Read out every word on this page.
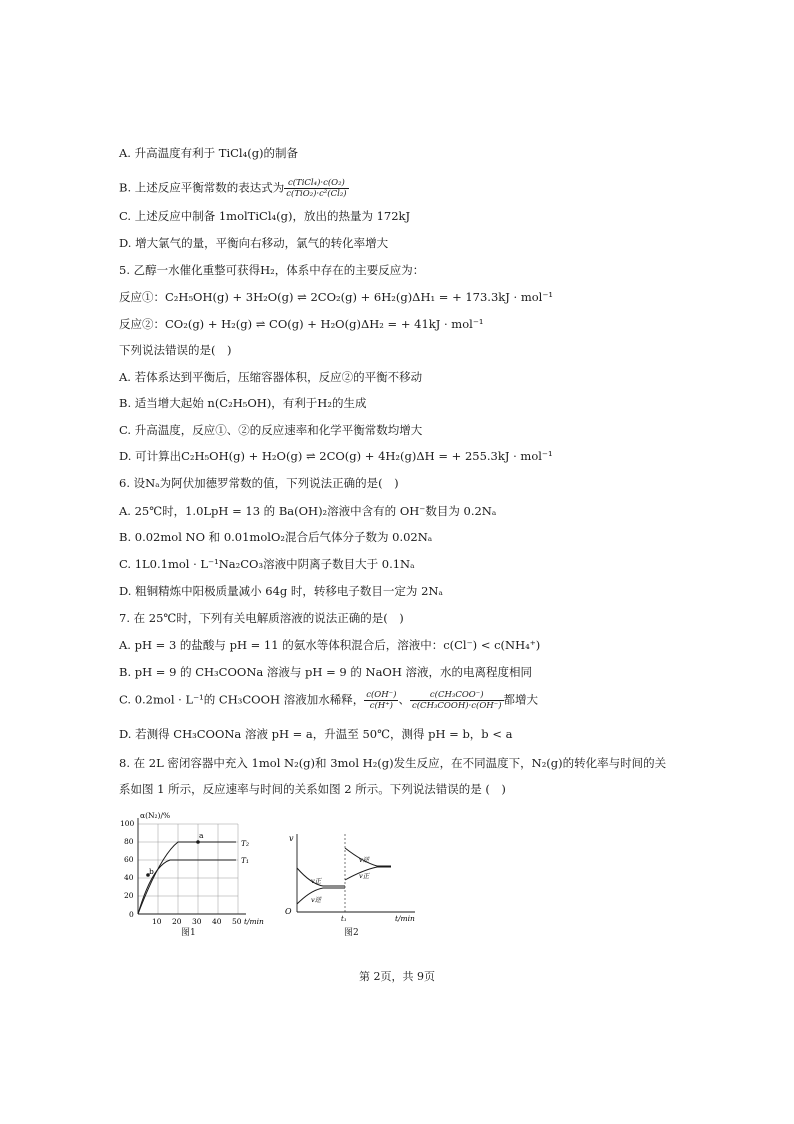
A. 升高温度有利于 TiCl₄(g)的制备
B. 上述反应平衡常数的表达式为 $\frac{\text{c(TiCl₄)·c(O₂)}}{\text{c(TiO₂)·c²(Cl₂)}}$
C. 上述反应中制备 1molTiCl₄(g)，放出的热量为 172kJ
D. 增大氯气的量，平衡向右移动，氯气的转化率增大
5. 乙醇一水催化重整可获得H₂，体系中存在的主要反应为：
反应①：C₂H₅OH(g) + 3H₂O(g) ⇌ 2CO₂(g) + 6H₂(g)ΔH₁ = + 173.3kJ · mol⁻¹
反应②：CO₂(g) + H₂(g) ⇌ CO(g) + H₂O(g)ΔH₂ = + 41kJ · mol⁻¹
下列说法错误的是(　)
A. 若体系达到平衡后，压缩容器体积，反应②的平衡不移动
B. 适当增大起始 n(C₂H₅OH)，有利于H₂的生成
C. 升高温度，反应①、②的反应速率和化学平衡常数均增大
D. 可计算出C₂H₅OH(g) + H₂O(g) ⇌ 2CO(g) + 4H₂(g)ΔH = + 255.3kJ · mol⁻¹
6. 设Nₐ为阿伏加德罗常数的值，下列说法正确的是(　)
A. 25℃时，1.0LpH = 13 的 Ba(OH)₂溶液中含有的 OH⁻数目为 0.2Nₐ
B. 0.02mol NO 和 0.01molO₂混合后气体分子数为 0.02Nₐ
C. 1L0.1mol · L⁻¹Na₂CO₃溶液中阴离子数目大于 0.1Nₐ
D. 粗铜精炼中阳极质量减小 64g 时，转移电子数目一定为 2Nₐ
7. 在 25℃时，下列有关电解质溶液的说法正确的是(　)
A. pH = 3 的盐酸与 pH = 11 的氨水等体积混合后，溶液中：c(Cl⁻) < c(NH₄⁺)
B. pH = 9 的 CH₃COONa 溶液与 pH = 9 的 NaOH 溶液，水的电离程度相同
C. 0.2mol · L⁻¹的 CH₃COOH 溶液加水稀释， $\frac{c(OH^-)}{c(H^+)}$ 、 $\frac{\text{c(CH₃COO⁻)}}{\text{c(CH₃COOH)·c(OH⁻)}}$ 都增大
D. 若测得 CH₃COONa 溶液 pH = a，升温至 50℃，测得 pH = b，b < a
8. 在 2L 密闭容器中充入 1mol N₂(g)和 3mol H₂(g)发生反应，在不同温度下，N₂(g)的转化率与时间的关
系如图 1 所示，反应速率与时间的关系如图 2 所示。下列说法错误的是 (　)
α(N₂)/%
100
80
60
40
20
0
10 20 30 40 50 t/min
T₂
T₁
a
b
图1
v
O
t₁	t/min
v正
v逆
v逆
v正
图2
第 2页，共 9页
